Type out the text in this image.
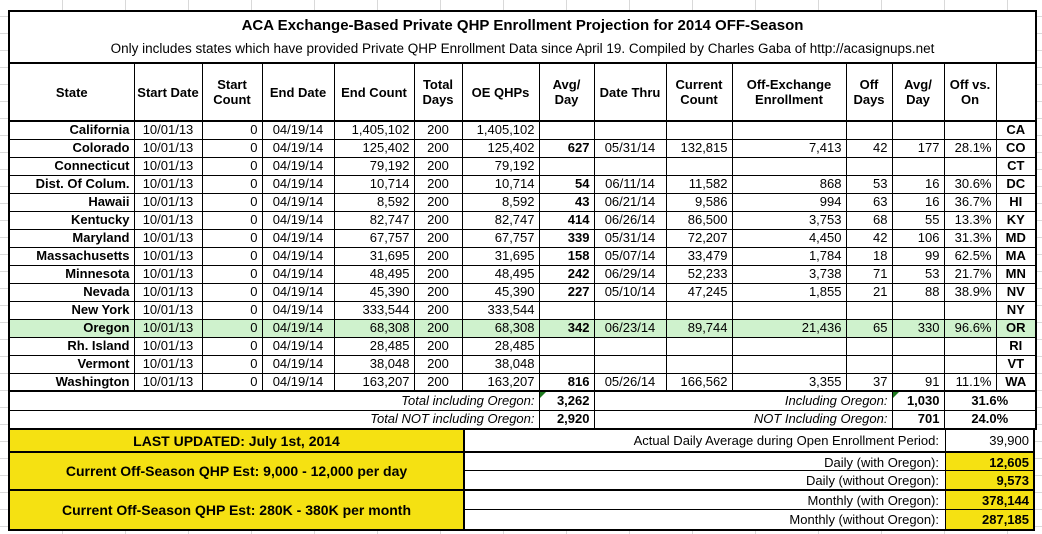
ACA Exchange-Based Private QHP Enrollment Projection for 2014 OFF-Season
Only includes states which have provided Private QHP Enrollment Data since April 19. Compiled by Charles Gaba of http://acasignups.net														

State	Start Date	Start Count	End Date	End Count	Total Days	OE QHPs	Avg/ Day	Date Thru	Current Count	Off-Exchange Enrollment	Off Days	Avg/ Day	Off vs. On	
California	10/01/13	0	04/19/14	1,405,102	200	1,405,102								CA
Colorado	10/01/13	0	04/19/14	125,402	200	125,402	627	05/31/14	132,815	7,413	42	177	28.1%	CO
Connecticut	10/01/13	0	04/19/14	79,192	200	79,192								CT
Dist. Of Colum.	10/01/13	0	04/19/14	10,714	200	10,714	54	06/11/14	11,582	868	53	16	30.6%	DC
Hawaii	10/01/13	0	04/19/14	8,592	200	8,592	43	06/21/14	9,586	994	63	16	36.7%	HI
Kentucky	10/01/13	0	04/19/14	82,747	200	82,747	414	06/26/14	86,500	3,753	68	55	13.3%	KY
Maryland	10/01/13	0	04/19/14	67,757	200	67,757	339	05/31/14	72,207	4,450	42	106	31.3%	MD
Massachusetts	10/01/13	0	04/19/14	31,695	200	31,695	158	05/07/14	33,479	1,784	18	99	62.5%	MA
Minnesota	10/01/13	0	04/19/14	48,495	200	48,495	242	06/29/14	52,233	3,738	71	53	21.7%	MN
Nevada	10/01/13	0	04/19/14	45,390	200	45,390	227	05/10/14	47,245	1,855	21	88	38.9%	NV
New York	10/01/13	0	04/19/14	333,544	200	333,544								NY
Oregon	10/01/13	0	04/19/14	68,308	200	68,308	342	06/23/14	89,744	21,436	65	330	96.6%	OR
Rh. Island	10/01/13	0	04/19/14	28,485	200	28,485								RI
Vermont	10/01/13	0	04/19/14	38,048	200	38,048								VT
Washington	10/01/13	0	04/19/14	163,207	200	163,207	816	05/26/14	166,562	3,355	37	91	11.1%	WA
Total including Oregon:							3,262	Including Oregon:				1,030	31.6%	
Total NOT including Oregon:							2,920	NOT Including Oregon:				701	24.0%	
LAST UPDATED: July 1st, 2014
Current Off-Season QHP Est: 9,000 - 12,000 per day
Current Off-Season QHP Est: 280K - 380K per month
Actual Daily Average during Open Enrollment Period:	39,900
Daily (with Oregon):	12,605
Daily (without Oregon):	9,573
Monthly (with Oregon):	378,144
Monthly (without Oregon):	287,185
